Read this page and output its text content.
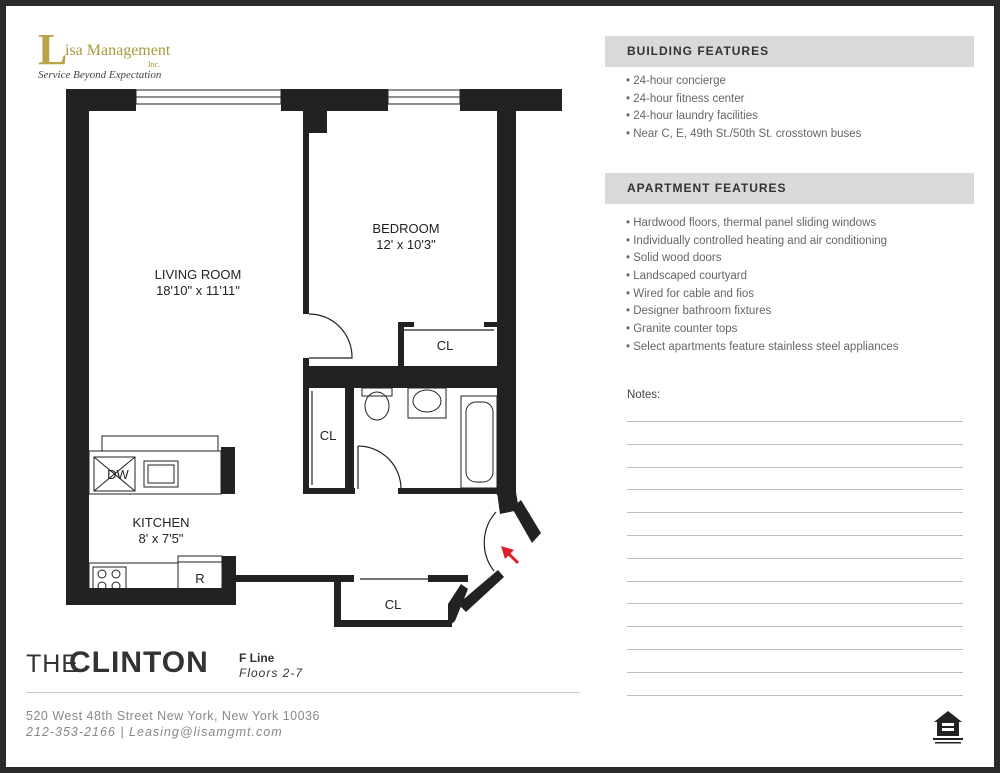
L
isa Management
Inc.
Service Beyond Expectation
LIVING ROOM
18'10" x 11'11"
BEDROOM
12' x 10'3"
KITCHEN
8' x 7'5"
CL
CL
CL
DW
R
BUILDING FEATURES
• 24-hour concierge
• 24-hour fitness center
• 24-hour laundry facilities
• Near C, E, 49th St./50th St. crosstown buses
APARTMENT FEATURES
• Hardwood floors, thermal panel sliding windows
• Individually controlled heating and air conditioning
• Solid wood doors
• Landscaped courtyard
• Wired for cable and fios
• Designer bathroom fixtures
• Granite counter tops
• Select apartments feature stainless steel appliances
Notes:
THE
CLINTON	F Line
Floors 2-7
520 West 48th Street New York, New York 10036
212-353-2166 | Leasing@lisamgmt.com
